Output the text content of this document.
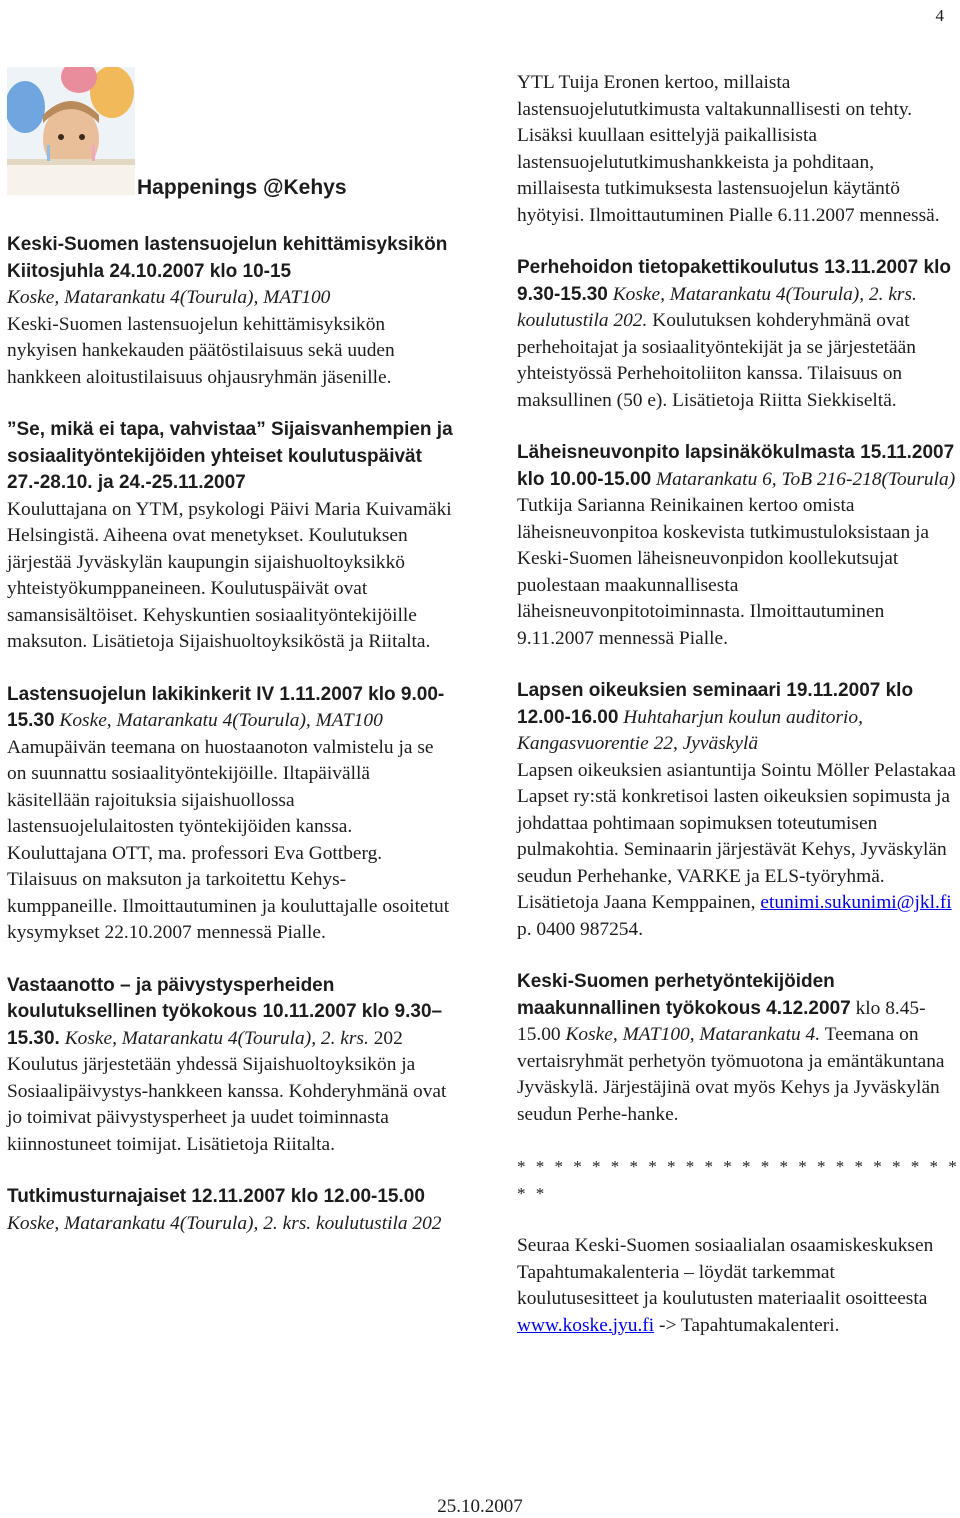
4
Happenings @Kehys

Keski-Suomen lastensuojelun kehittämisyksikön Kiitosjuhla 24.10.2007 klo 10-15
Koske, Matarankatu 4(Tourula), MAT100
Keski-Suomen lastensuojelun kehittämisyksikön nykyisen hankekauden päätöstilaisuus sekä uuden hankkeen aloitustilaisuus ohjausryhmän jäsenille.

”Se, mikä ei tapa, vahvistaa” Sijaisvanhempien ja sosiaalityöntekijöiden yhteiset koulutuspäivät 27.-28.10. ja 24.-25.11.2007
Kouluttajana on YTM, psykologi Päivi Maria Kuivamäki Helsingistä. Aiheena ovat menetykset. Koulutuksen järjestää Jyväskylän kaupungin sijaishuoltoyksikkö yhteistyökumppaneineen. Koulutuspäivät ovat samansisältöiset. Kehyskuntien sosiaalityöntekijöille maksuton. Lisätietoja Sijaishuoltoyksiköstä ja Riitalta.

Lastensuojelun lakikinkerit IV 1.11.2007 klo 9.00-15.30 Koske, Matarankatu 4(Tourula), MAT100
Aamupäivän teemana on huostaanoton valmistelu ja se on suunnattu sosiaalityöntekijöille. Iltapäivällä käsitellään rajoituksia sijaishuollossa lastensuojelulaitosten työntekijöiden kanssa. Kouluttajana OTT, ma. professori Eva Gottberg. Tilaisuus on maksuton ja tarkoitettu Kehys-kumppaneille. Ilmoittautuminen ja kouluttajalle osoitetut kysymykset 22.10.2007 mennessä Pialle.

Vastaanotto – ja päivystysperheiden koulutuksellinen työkokous 10.11.2007 klo 9.30– 15.30. Koske, Matarankatu 4(Tourula), 2. krs. 202 Koulutus järjestetään yhdessä Sijaishuoltoyksikön ja Sosiaalipäivystys-hankkeen kanssa. Kohderyhmänä ovat jo toimivat päivystysperheet ja uudet toiminnasta kiinnostuneet toimijat. Lisätietoja Riitalta.

Tutkimusturnajaiset 12.11.2007 klo 12.00-15.00 Koske, Matarankatu 4(Tourula), 2. krs. koulutustila 202

YTL Tuija Eronen kertoo, millaista lastensuojelututkimusta valtakunnallisesti on tehty. Lisäksi kuullaan esittelyjä paikallisista lastensuojelututkimushankkeista ja pohditaan, millaisesta tutkimuksesta lastensuojelun käytäntö hyötyisi. Ilmoittautuminen Pialle 6.11.2007 mennessä.

Perhehoidon tietopakettikoulutus 13.11.2007 klo 9.30-15.30 Koske, Matarankatu 4(Tourula), 2. krs. koulutustila 202. Koulutuksen kohderyhmänä ovat perhehoitajat ja sosiaalityöntekijät ja se järjestetään yhteistyössä Perhehoitoliiton kanssa. Tilaisuus on maksullinen (50 e). Lisätietoja Riitta Siekkiseltä.

Läheisneuvonpito lapsinäkökulmasta 15.11.2007 klo 10.00-15.00 Matarankatu 6, ToB 216-218(Tourula)
Tutkija Sarianna Reinikainen kertoo omista läheisneuvonpitoa koskevista tutkimustuloksistaan ja Keski-Suomen läheisneuvonpidon koollekutsujat puolestaan maakunnallisesta läheisneuvonpitotoiminnasta. Ilmoittautuminen 9.11.2007 mennessä Pialle.

Lapsen oikeuksien seminaari 19.11.2007 klo 12.00-16.00 Huhtaharjun koulun auditorio, Kangasvuorentie 22, Jyväskylä
Lapsen oikeuksien asiantuntija Sointu Möller Pelastakaa Lapset ry:stä konkretisoi lasten oikeuksien sopimusta ja johdattaa pohtimaan sopimuksen toteutumisen pulmakohtia. Seminaarin järjestävät Kehys, Jyväskylän seudun Perhehanke, VARKE ja ELS-työryhmä. Lisätietoja Jaana Kemppainen, etunimi.sukunimi@jkl.fi
p. 0400 987254.

Keski-Suomen perhetyöntekijöiden maakunnallinen työkokous 4.12.2007 klo 8.45-15.00 Koske, MAT100, Matarankatu 4. Teemana on vertaisryhmät perhetyön työmuotona ja emäntäkuntana Jyväskylä. Järjestäjinä ovat myös Kehys ja Jyväskylän seudun Perhe-hanke.

* * * * * * * * * * * * * * * * * * * * * * * * * *

Seuraa Keski-Suomen sosiaalialan osaamiskeskuksen Tapahtumakalenteria – löydät tarkemmat koulutusesitteet ja koulutusten materiaalit osoitteesta www.koske.jyu.fi -> Tapahtumakalenteri.

25.10.2007
